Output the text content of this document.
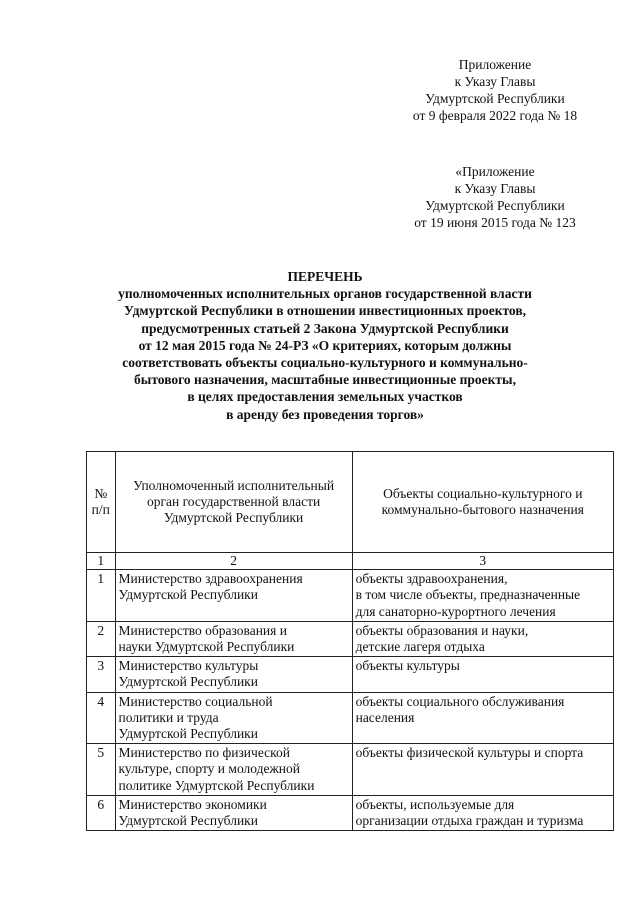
Приложение
к Указу Главы
Удмуртской Республики
от 9 февраля 2022 года № 18
«Приложение
к Указу Главы
Удмуртской Республики
от 19 июня 2015 года № 123
ПЕРЕЧЕНЬ
уполномоченных исполнительных органов государственной власти
Удмуртской Республики в отношении инвестиционных проектов,
предусмотренных статьей 2 Закона Удмуртской Республики
от 12 мая 2015 года № 24-РЗ «О критериях, которым должны
соответствовать объекты социально-культурного и коммунально-
бытового назначения, масштабные инвестиционные проекты,
в целях предоставления земельных участков
в аренду без проведения торгов»
№
п/п	Уполномоченный исполнительный
орган государственной власти
Удмуртской Республики	Объекты социально-культурного и
коммунально-бытового назначения

1	2	3
1	Министерство здравоохранения
Удмуртской Республики	объекты здравоохранения,
в том числе объекты, предназначенные
для санаторно-курортного лечения

2	Министерство образования и
науки Удмуртской Республики	объекты образования и науки,
детские лагеря отдыха

3	Министерство культуры
Удмуртской Республики	объекты культуры

4	Министерство социальной
политики и труда
Удмуртской Республики	объекты социального обслуживания
населения

5	Министерство по физической
культуре, спорту и молодежной
политике Удмуртской Республики	объекты физической культуры и спорта

6	Министерство экономики
Удмуртской Республики	объекты, используемые для
организации отдыха граждан и туризма
